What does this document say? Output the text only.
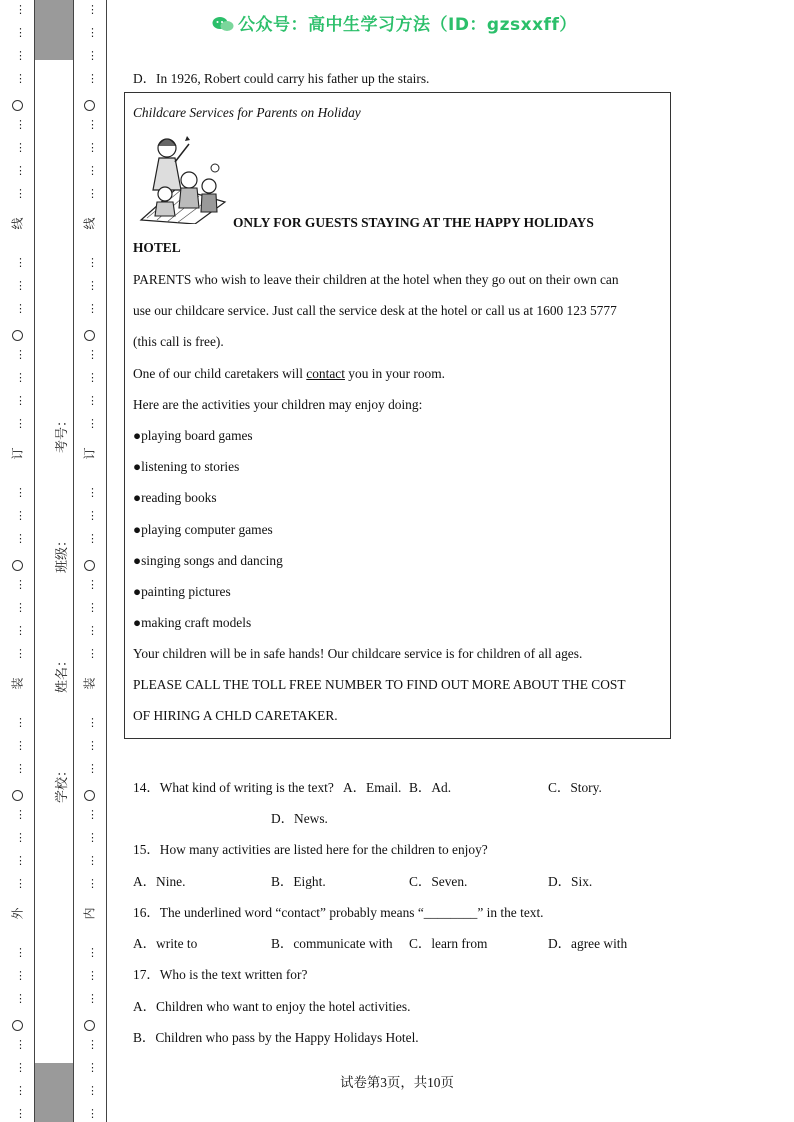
⋮
⋮
⋮
⋮
⋮
⋮
⋮
⋮
⋮
⋮
⋮
⋮
⋮
⋮
⋮
⋮
⋮
⋮
⋮
⋮
⋮
⋮
⋮
⋮
⋮
⋮
⋮
⋮
⋮
⋮
⋮
⋮
⋮
⋮
⋮
⋮
线
订
装
外
考号：
班级：
姓名：
学校：
⋮
⋮
⋮
⋮
⋮
⋮
⋮
⋮
⋮
⋮
⋮
⋮
⋮
⋮
⋮
⋮
⋮
⋮
⋮
⋮
⋮
⋮
⋮
⋮
⋮
⋮
⋮
⋮
⋮
⋮
⋮
⋮
⋮
⋮
⋮
⋮
线
订
装
内
公众号：高中生学习方法（ID：gzsxxff）
D．In 1926, Robert could carry his father up the stairs.
Childcare Services for Parents on Holiday
ONLY FOR GUESTS STAYING AT THE HAPPY HOLIDAYS
HOTEL
PARENTS who wish to leave their children at the hotel when they go out on their own can
use our childcare service. Just call the service desk at the hotel or call us at 1600 123 5777
(this call is free).
One of our child caretakers will contact you in your room.
Here are the activities your children may enjoy doing:
●playing board games
●listening to stories
●reading books
●playing computer games
●singing songs and dancing
●painting pictures
●making craft models
Your children will be in safe hands! Our childcare service is for children of all ages.
PLEASE CALL THE TOLL FREE NUMBER TO FIND OUT MORE ABOUT THE COST
OF HIRING A CHLD CARETAKER.
14．What kind of writing is the text? A．Email. B．Ad.	C．Story.
D．News.
15．How many activities are listed here for the children to enjoy?
A．Nine.	B．Eight.	C．Seven.	D．Six.
16．The underlined word “contact” probably means “________” in the text.
A．write to	B．communicate with C．learn from	D．agree with
17．Who is the text written for?
A．Children who want to enjoy the hotel activities.
B．Children who pass by the Happy Holidays Hotel.
试卷第3页，共10页
